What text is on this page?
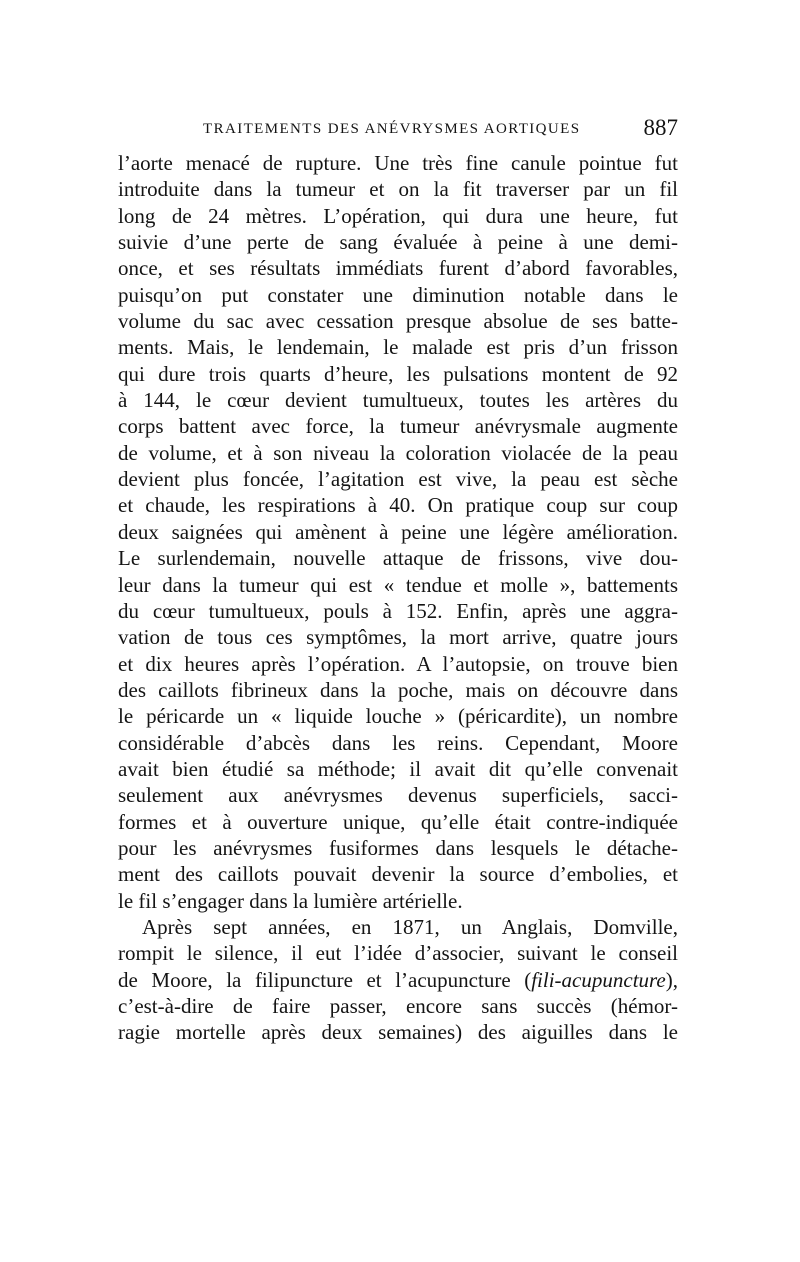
TRAITEMENTS DES ANÉVRYSMES AORTIQUES	887
l’aorte menacé de rupture. Une très fine canule pointue fut
introduite dans la tumeur et on la fit traverser par un fil
long de 24 mètres. L’opération, qui dura une heure, fut
suivie d’une perte de sang évaluée à peine à une demi-
once, et ses résultats immédiats furent d’abord favorables,
puisqu’on put constater une diminution notable dans le
volume du sac avec cessation presque absolue de ses batte-
ments. Mais, le lendemain, le malade est pris d’un frisson
qui dure trois quarts d’heure, les pulsations montent de 92
à 144, le cœur devient tumultueux, toutes les artères du
corps battent avec force, la tumeur anévrysmale augmente
de volume, et à son niveau la coloration violacée de la peau
devient plus foncée, l’agitation est vive, la peau est sèche
et chaude, les respirations à 40. On pratique coup sur coup
deux saignées qui amènent à peine une légère amélioration.
Le surlendemain, nouvelle attaque de frissons, vive dou-
leur dans la tumeur qui est « tendue et molle », battements
du cœur tumultueux, pouls à 152. Enfin, après une aggra-
vation de tous ces symptômes, la mort arrive, quatre jours
et dix heures après l’opération. A l’autopsie, on trouve bien
des caillots fibrineux dans la poche, mais on découvre dans
le péricarde un « liquide louche » (péricardite), un nombre
considérable d’abcès dans les reins. Cependant, Moore
avait bien étudié sa méthode; il avait dit qu’elle convenait
seulement aux anévrysmes devenus superficiels, sacci-
formes et à ouverture unique, qu’elle était contre-indiquée
pour les anévrysmes fusiformes dans lesquels le détache-
ment des caillots pouvait devenir la source d’embolies, et
le fil s’engager dans la lumière artérielle.
Après sept années, en 1871, un Anglais, Domville,
rompit le silence, il eut l’idée d’associer, suivant le conseil
de Moore, la filipuncture et l’acupuncture (fili-acupuncture),
c’est-à-dire de faire passer, encore sans succès (hémor-
ragie mortelle après deux semaines) des aiguilles dans le
